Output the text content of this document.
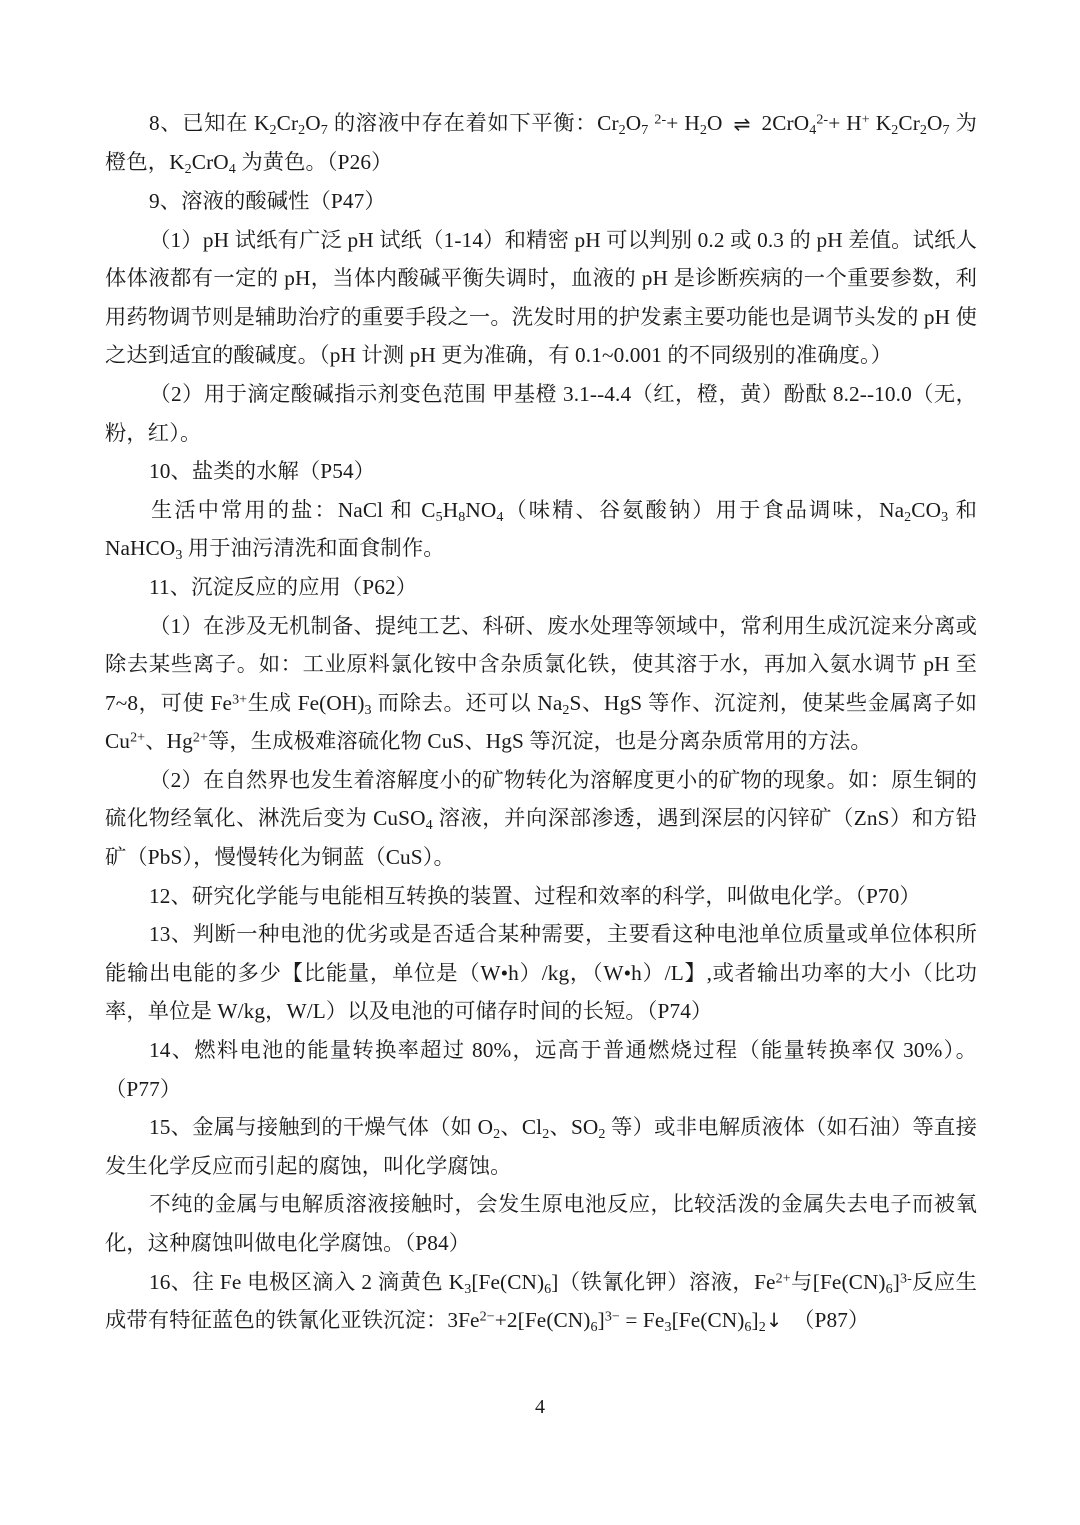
8、已知在 $K_2Cr_2O_7$ 的溶液中存在着如下平衡：$Cr_2O_7$ $^{2-}+ H_2O$ ⇌ 2CrO$_4^{2-}$+ H+ $K_2Cr_2O_7$ 为橙色，$K_2CrO_4$ 为黄色。（P26）

9、溶液的酸碱性（P47）

（1）pH 试纸有广泛 pH 试纸（1-14）和精密 pH 可以判别 0.2 或 0.3 的 pH 差值。试纸人体体液都有一定的 pH，当体内酸碱平衡失调时，血液的 pH 是诊断疾病的一个重要参数，利用药物调节则是辅助治疗的重要手段之一。洗发时用的护发素主要功能也是调节头发的 pH 使之达到适宜的酸碱度。（pH 计测 pH 更为准确，有 0.1~0.001 的不同级别的准确度。）

（2）用于滴定酸碱指示剂变色范围 甲基橙 3.1--4.4（红，橙，黄）酚酞 8.2--10.0（无，粉，红）。

10、盐类的水解（P54）

生活中常用的盐：NaCl 和 $C_5H_8NO_4$（味精、谷氨酸钠）用于食品调味，$Na_2CO_3$ 和 NaHCO$_3$ 用于油污清洗和面食制作。

11、沉淀反应的应用（P62）

（1）在涉及无机制备、提纯工艺、科研、废水处理等领域中，常利用生成沉淀来分离或除去某些离子。如：工业原料氯化铵中含杂质氯化铁，使其溶于水，再加入氨水调节 pH 至 7~8，可使 $Fe^{3+}$生成 $Fe(OH)_3$ 而除去。还可以 $Na_2S$、HgS 等作、沉淀剂，使某些金属离子如 $Cu^{2+}$、$Hg^{2+}$等，生成极难溶硫化物 CuS、HgS 等沉淀，也是分离杂质常用的方法。

（2）在自然界也发生着溶解度小的矿物转化为溶解度更小的矿物的现象。如：原生铜的硫化物经氧化、淋洗后变为 CuSO$_4$ 溶液，并向深部渗透，遇到深层的闪锌矿（ZnS）和方铅矿（PbS），慢慢转化为铜蓝（CuS）。

12、研究化学能与电能相互转换的装置、过程和效率的科学，叫做电化学。（P70）

13、判断一种电池的优劣或是否适合某种需要，主要看这种电池单位质量或单位体积所能输出电能的多少【比能量，单位是（W•h）/kg，（W•h）/L】,或者输出功率的大小（比功率，单位是 W/kg，W/L）以及电池的可储存时间的长短。（P74）

14、燃料电池的能量转换率超过 80%，远高于普通燃烧过程（能量转换率仅 30%）。（P77）

15、金属与接触到的干燥气体（如 $O_2$、$Cl_2$、$SO_2$ 等）或非电解质液体（如石油）等直接发生化学反应而引起的腐蚀，叫化学腐蚀。

不纯的金属与电解质溶液接触时，会发生原电池反应，比较活泼的金属失去电子而被氧化，这种腐蚀叫做电化学腐蚀。（P84）

16、往 Fe 电极区滴入 2 滴黄色 $K_3[Fe(CN)_6]$（铁氰化钾）溶液，$Fe^{2+}$与$[Fe(CN)_6]^{3-}$反应生成带有特征蓝色的铁氰化亚铁沉淀：$3Fe^{2-}+2[Fe(CN)_6]^{3-}$ = $Fe_3[Fe(CN)_6]_2↓$　（P87）

4
